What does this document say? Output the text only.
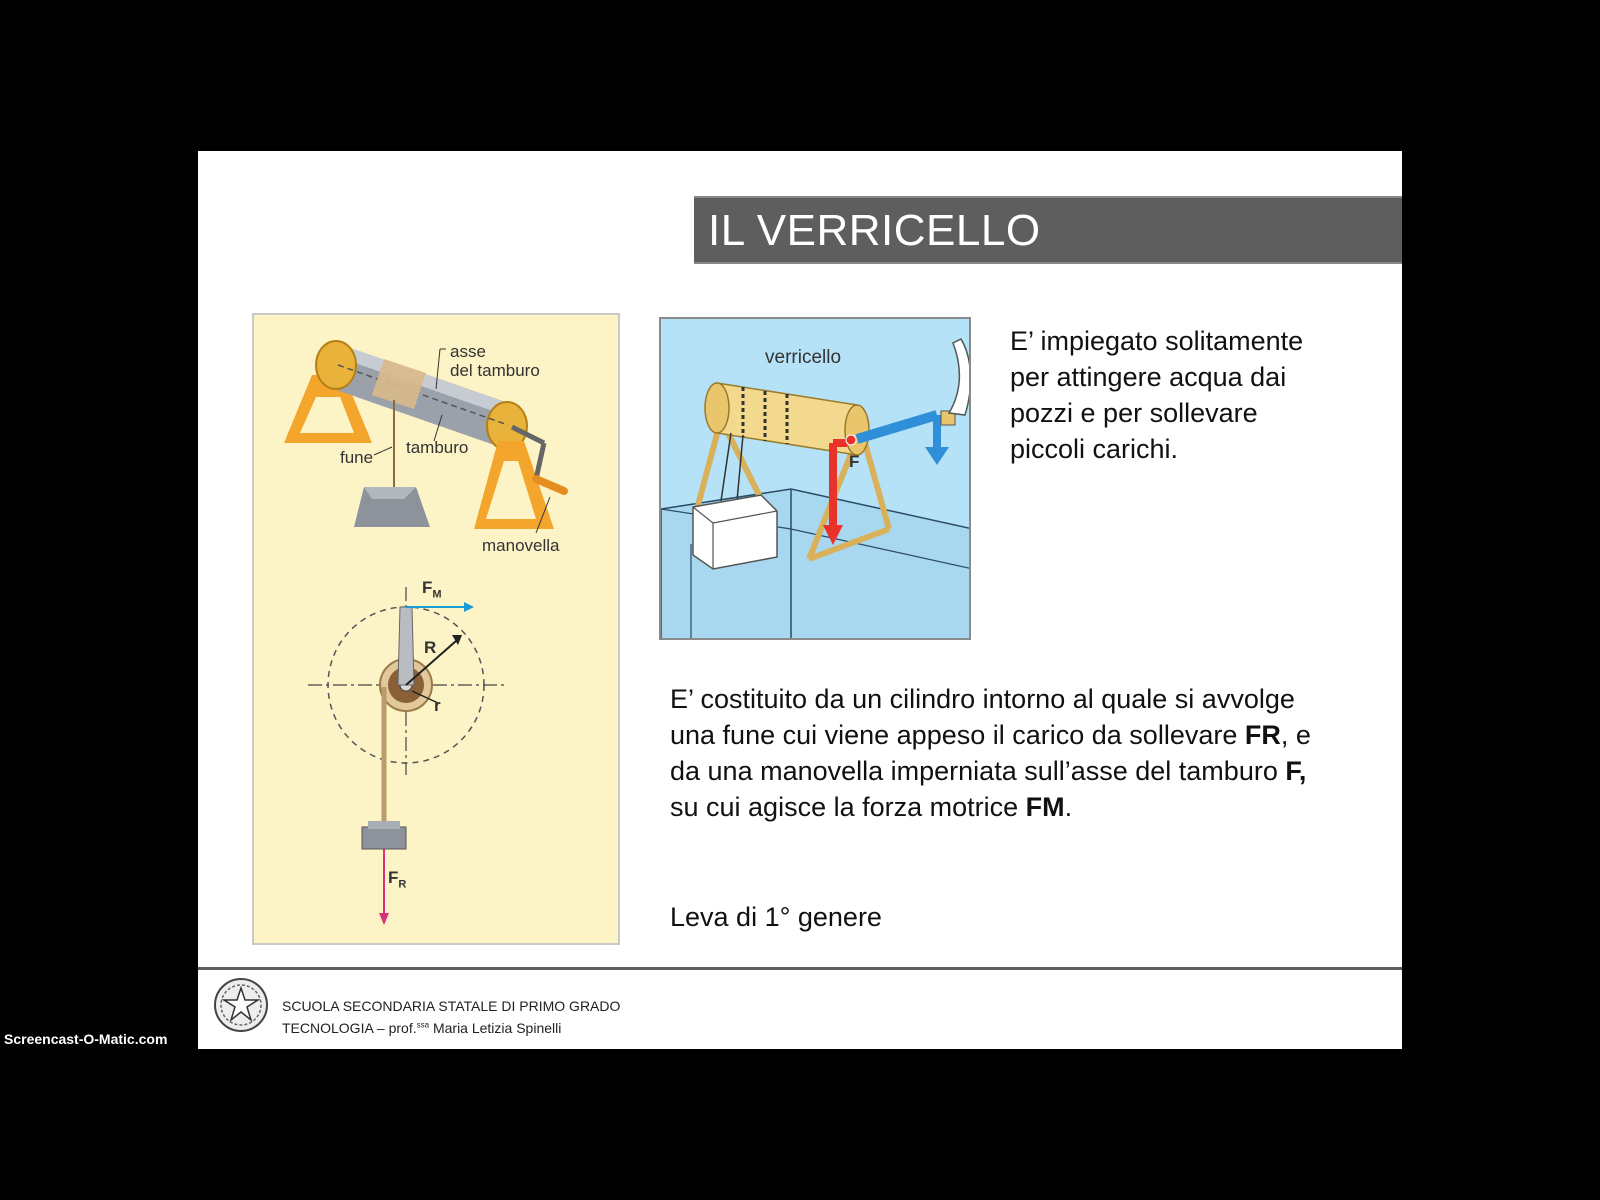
IL VERRICELLO
asse
del tamburo
fune
tamburo
manovella
$F_M$
R
r
$F_R$
verricello
F
E’ impiegato solitamente per attingere acqua dai pozzi e per sollevare piccoli carichi.
E’ costituito da un cilindro intorno al quale si avvolge una fune cui viene appeso il carico da sollevare FR, e da una manovella imperniata sull’asse del tamburo F, su cui agisce la forza motrice FM.
Leva di 1° genere
SCUOLA SECONDARIA STATALE DI PRIMO GRADO
TECNOLOGIA – prof.$^{ssa}$ Maria Letizia Spinelli
Screencast-O-Matic.com
